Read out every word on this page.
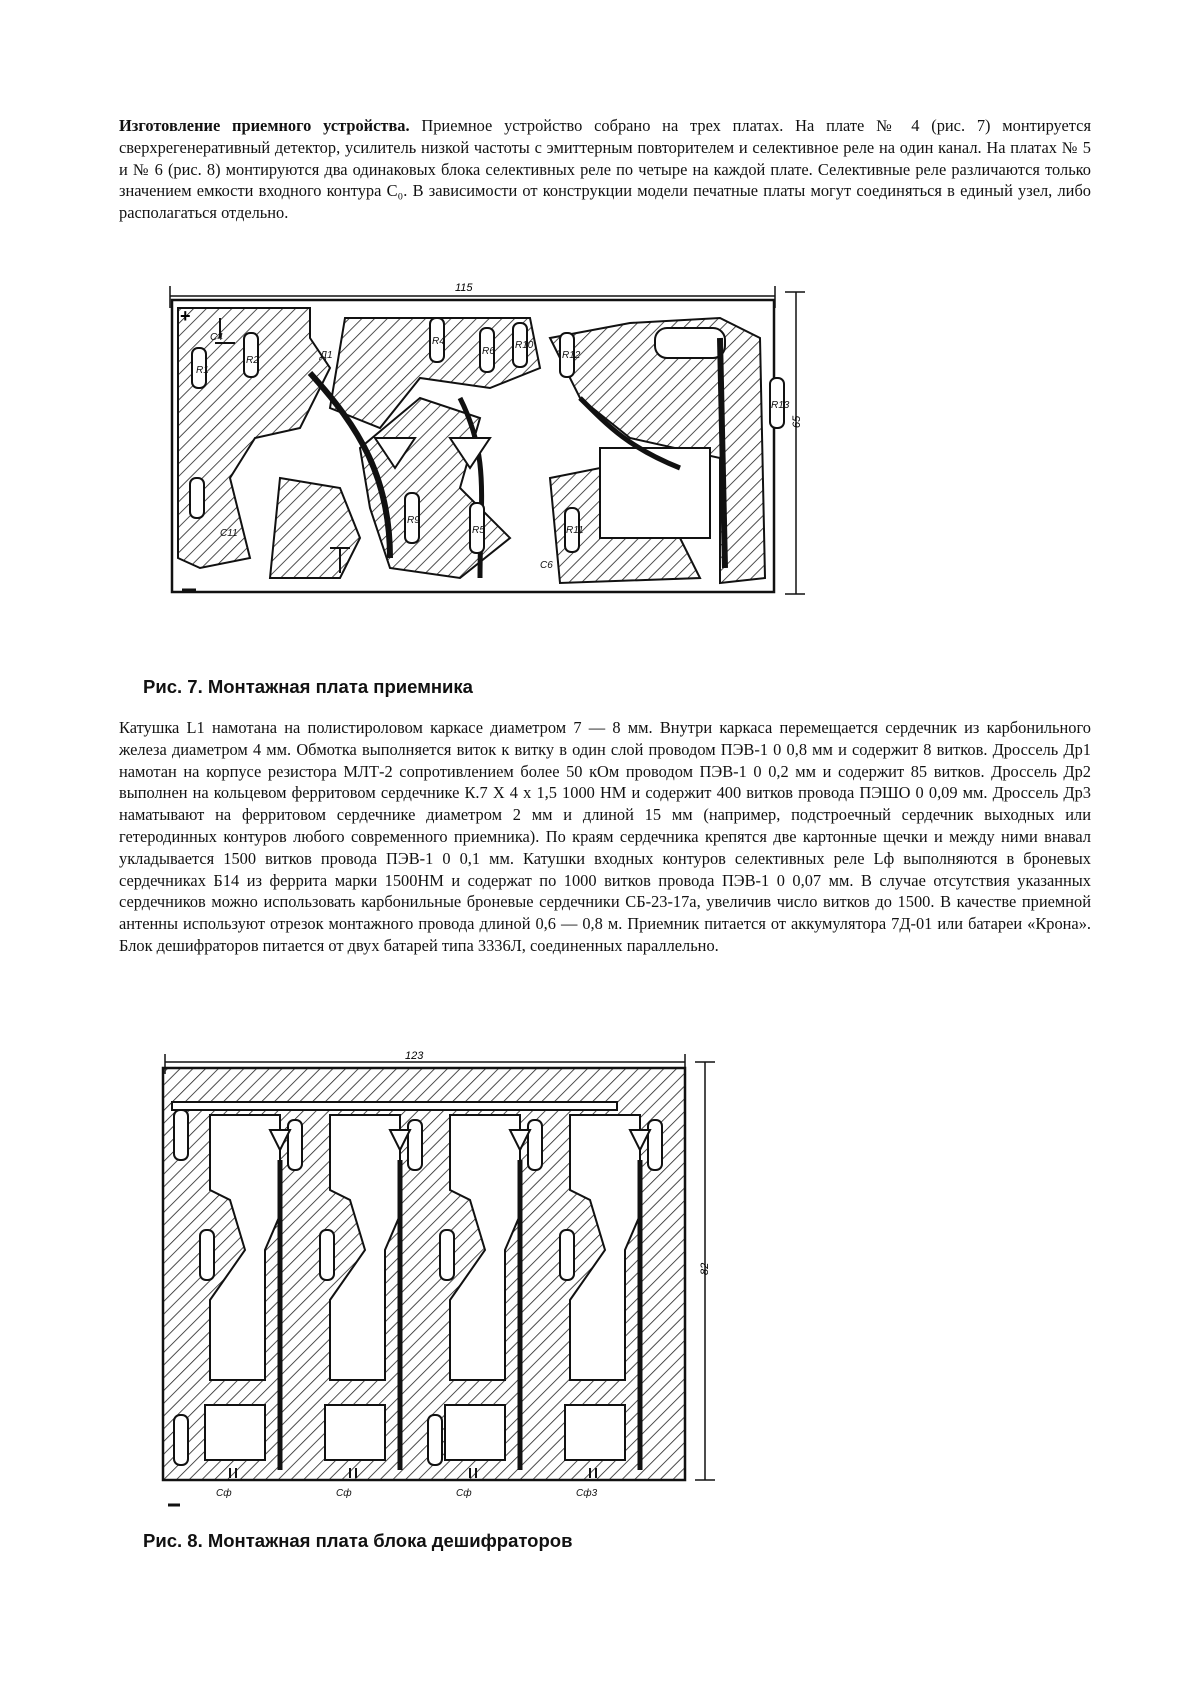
Изготовление приемного устройства. Приемное устройство собрано на трех платах. На плате № 4 (рис. 7) монтируется сверхрегенеративный детектор, усилитель низкой частоты с эмиттерным повторителем и селективное реле на один канал. На платах № 5 и № 6 (рис. 8) монтируются два одинаковых блока селективных реле по четыре на каждой плате. Селективные реле различаются только значением емкости входного контура С₀. В зависимости от конструкции модели печатные платы могут соединяться в единый узел, либо располагаться отдельно.

115
65
+
С4
R1
R2	Д1
R4
R6
R10
R12
R9
R5	R11
R13
С11
С6

Рис. 7. Монтажная плата приемника

Катушка L1 намотана на полистироловом каркасе диаметром 7 — 8 мм. Внутри каркаса перемещается сердечник из карбонильного железа диаметром 4 мм. Обмотка выполняется виток к витку в один слой проводом ПЭВ-1 0 0,8 мм и содержит 8 витков. Дроссель Др1 намотан на корпусе резистора МЛТ-2 сопротивлением более 50 кОм проводом ПЭВ-1 0 0,2 мм и содержит 85 витков. Дроссель Др2 выполнен на кольцевом ферритовом сердечнике К.7 Х 4 х 1,5 1000 НМ и содержит 400 витков провода ПЭШО 0 0,09 мм. Дроссель Др3 наматывают на ферритовом сердечнике диаметром 2 мм и длиной 15 мм (например, подстроечный сердечник выходных или гетеродинных контуров любого современного приемника). По краям сердечника крепятся две картонные щечки и между ними внавал укладывается 1500 витков провода ПЭВ-1 0 0,1 мм. Катушки входных контуров селективных реле Lф выполняются в броневых сердечниках Б14 из феррита марки 1500НМ и содержат по 1000 витков провода ПЭВ-1 0 0,07 мм. В случае отсутствия указанных сердечников можно использовать карбонильные броневые сердечники СБ-23-17а, увеличив число витков до 1500. В качестве приемной антенны используют отрезок монтажного провода длиной 0,6 — 0,8 м. Приемник питается от аккумулятора 7Д-01 или батареи «Крона». Блок дешифраторов питается от двух батарей типа 3336Л, соединенных параллельно.

123
82
Сф	Сф	Сф	Сф3

Рис. 8. Монтажная плата блока дешифраторов
